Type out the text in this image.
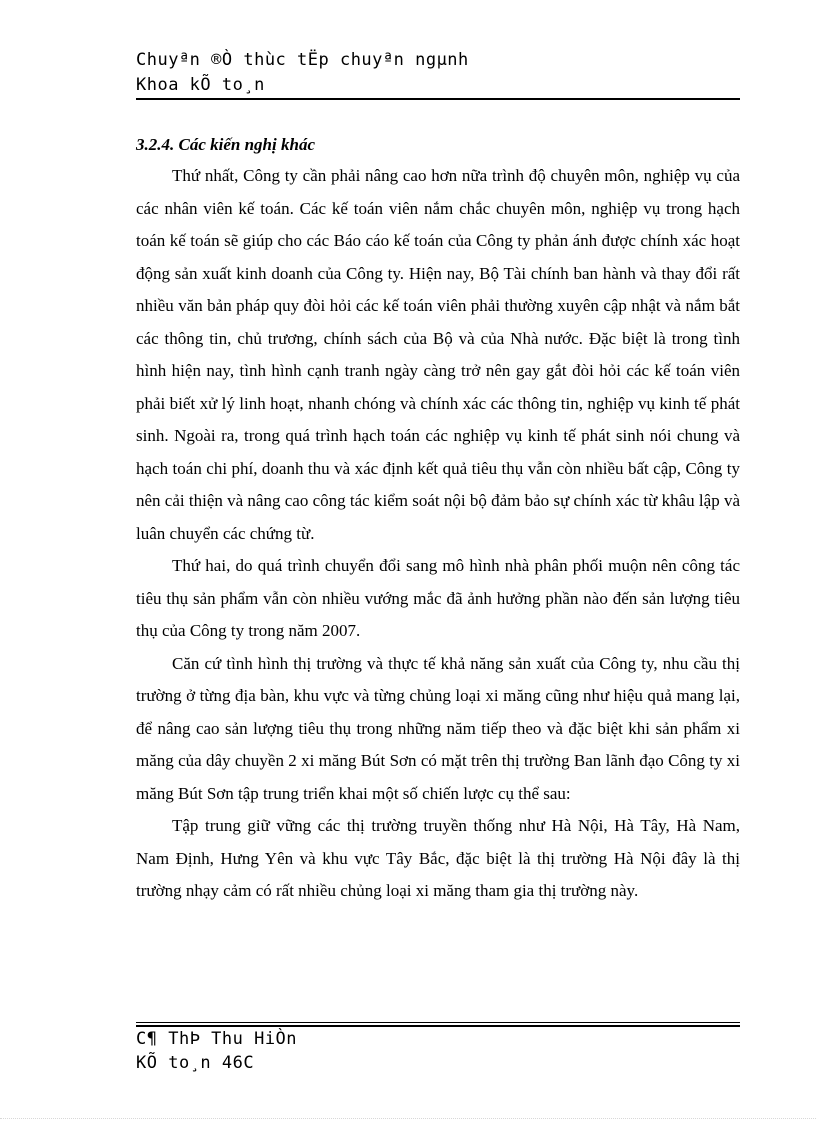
Chuyªn ®Ò thùc tËp chuyªn ngµnh
Khoa kÕ to¸n

3.2.4. Các kiến nghị khác

Thứ nhất, Công ty cần phải nâng cao hơn nữa trình độ chuyên môn, nghiệp vụ của các nhân viên kế toán. Các kế toán viên nắm chắc chuyên môn, nghiệp vụ trong hạch toán kế toán sẽ giúp cho các Báo cáo kế toán của Công ty phản ánh được chính xác hoạt động sản xuất kinh doanh của Công ty. Hiện nay, Bộ Tài chính ban hành và thay đổi rất nhiều văn bản pháp quy đòi hỏi các kế toán viên phải thường xuyên cập nhật và nắm bắt các thông tin, chủ trương, chính sách của Bộ và của Nhà nước. Đặc biệt là trong tình hình hiện nay, tình hình cạnh tranh ngày càng trở nên gay gắt đòi hỏi các kế toán viên phải biết xử lý linh hoạt, nhanh chóng và chính xác các thông tin, nghiệp vụ kinh tế phát sinh. Ngoài ra, trong quá trình hạch toán các nghiệp vụ kinh tế phát sinh nói chung và hạch toán chi phí, doanh thu và xác định kết quả tiêu thụ vẫn còn nhiều bất cập, Công ty nên cải thiện và nâng cao công tác kiểm soát nội bộ đảm bảo sự chính xác từ khâu lập và luân chuyển các chứng từ.

Thứ hai, do quá trình chuyển đổi sang mô hình nhà phân phối muộn nên công tác tiêu thụ sản phẩm vẫn còn nhiều vướng mắc đã ảnh hưởng phần nào đến sản lượng tiêu thụ của Công ty trong năm 2007.

Căn cứ tình hình thị trường và thực tế khả năng sản xuất của Công ty, nhu cầu thị trường ở từng địa bàn, khu vực và từng chủng loại xi măng cũng như hiệu quả mang lại, để nâng cao sản lượng tiêu thụ trong những năm tiếp theo và đặc biệt khi sản phẩm xi măng của dây chuyền 2 xi măng Bút Sơn có mặt trên thị trường Ban lãnh đạo Công ty xi măng Bút Sơn tập trung triển khai một số chiến lược cụ thể sau:

Tập trung giữ vững các thị trường truyền thống như Hà Nội, Hà Tây, Hà Nam, Nam Định, Hưng Yên và khu vực Tây Bắc, đặc biệt là thị trường Hà Nội đây là thị trường nhạy cảm có rất nhiều chủng loại xi măng tham gia thị trường này.

C¶ ThÞ Thu HiÒn
KÕ to¸n 46C
